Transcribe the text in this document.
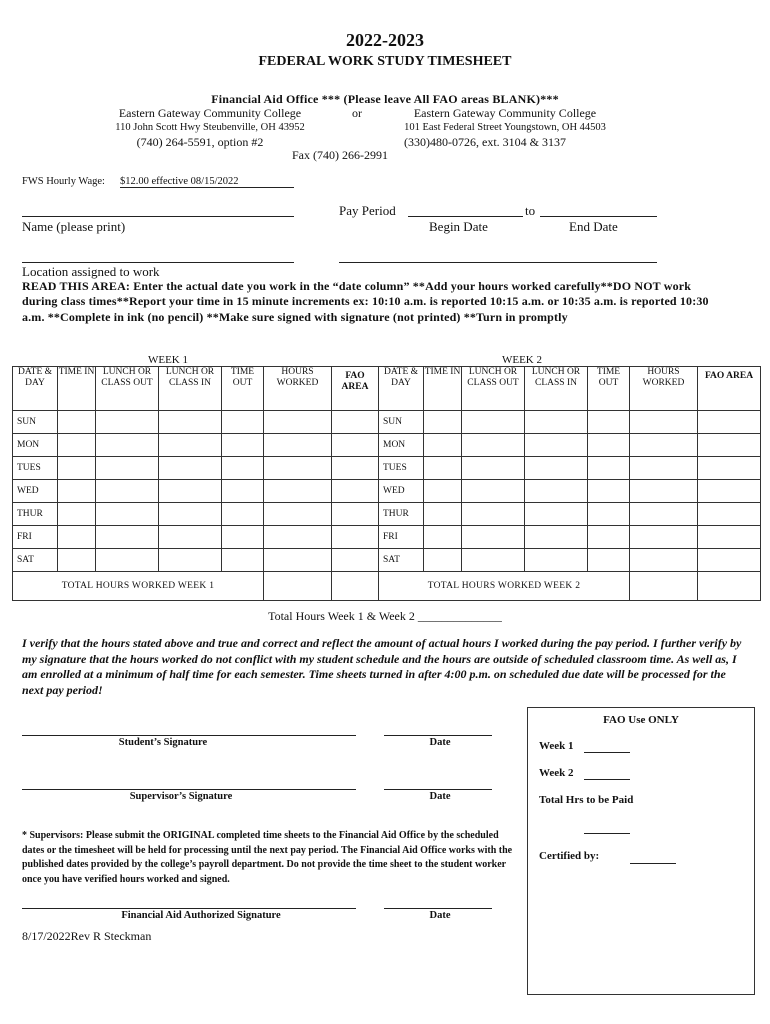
2022-2023
FEDERAL WORK STUDY TIMESHEET
Financial Aid Office *** (Please leave All FAO areas BLANK)***
Eastern Gateway Community College
110 John Scott Hwy Steubenville, OH 43952
(740) 264-5591, option #2
or	Eastern Gateway Community College
101 East Federal Street Youngstown, OH 44503
(330)480-0726, ext. 3104 & 3137
Fax (740) 266-2991
FWS Hourly Wage: $12.00 effective 08/15/2022
Name (please print)
Pay Period	to
Begin Date	End Date
Location assigned to work
READ THIS AREA: Enter the actual date you work in the “date column” **Add your hours worked carefully**DO NOT work during class times**Report your time in 15 minute increments ex: 10:10 a.m. is reported 10:15 a.m. or 10:35 a.m. is reported 10:30 a.m. **Complete in ink (no pencil) **Make sure signed with signature (not printed) **Turn in promptly
WEEK 1	WEEK 2
DATE & DAY	TIME IN	LUNCH OR CLASS OUT	LUNCH OR CLASS IN	TIME OUT	HOURS WORKED	FAO AREA	DATE & DAY	TIME IN	LUNCH OR CLASS OUT	LUNCH OR CLASS IN	TIME OUT	HOURS WORKED	FAO AREA
SUN							SUN						
MON							MON						
TUES							TUES						
WED							WED						
THUR							THUR						
FRI							FRI						
SAT							SAT						
TOTAL HOURS WORKED WEEK 1							TOTAL HOURS WORKED WEEK 2						
Total Hours Week 1 & Week 2 ______________
I verify that the hours stated above and true and correct and reflect the amount of actual hours I worked during the pay period. I further verify by my signature that the hours worked do not conflict with my student schedule and the hours are outside of scheduled classroom time. As well as, I am enrolled at a minimum of half time for each semester. Time sheets turned in after 4:00 p.m. on scheduled due date will be processed for the next pay period!
Student’s Signature	Date
Supervisor’s Signature	Date
* Supervisors: Please submit the ORIGINAL completed time sheets to the Financial Aid Office by the scheduled dates or the timesheet will be held for processing until the next pay period. The Financial Aid Office works with the published dates provided by the college’s payroll department. Do not provide the time sheet to the student worker once you have verified hours worked and signed.
Financial Aid Authorized Signature	Date
FAO Use ONLY
Week 1
Week 2
Total Hrs to be Paid
Certified by:
8/17/2022Rev R Steckman
